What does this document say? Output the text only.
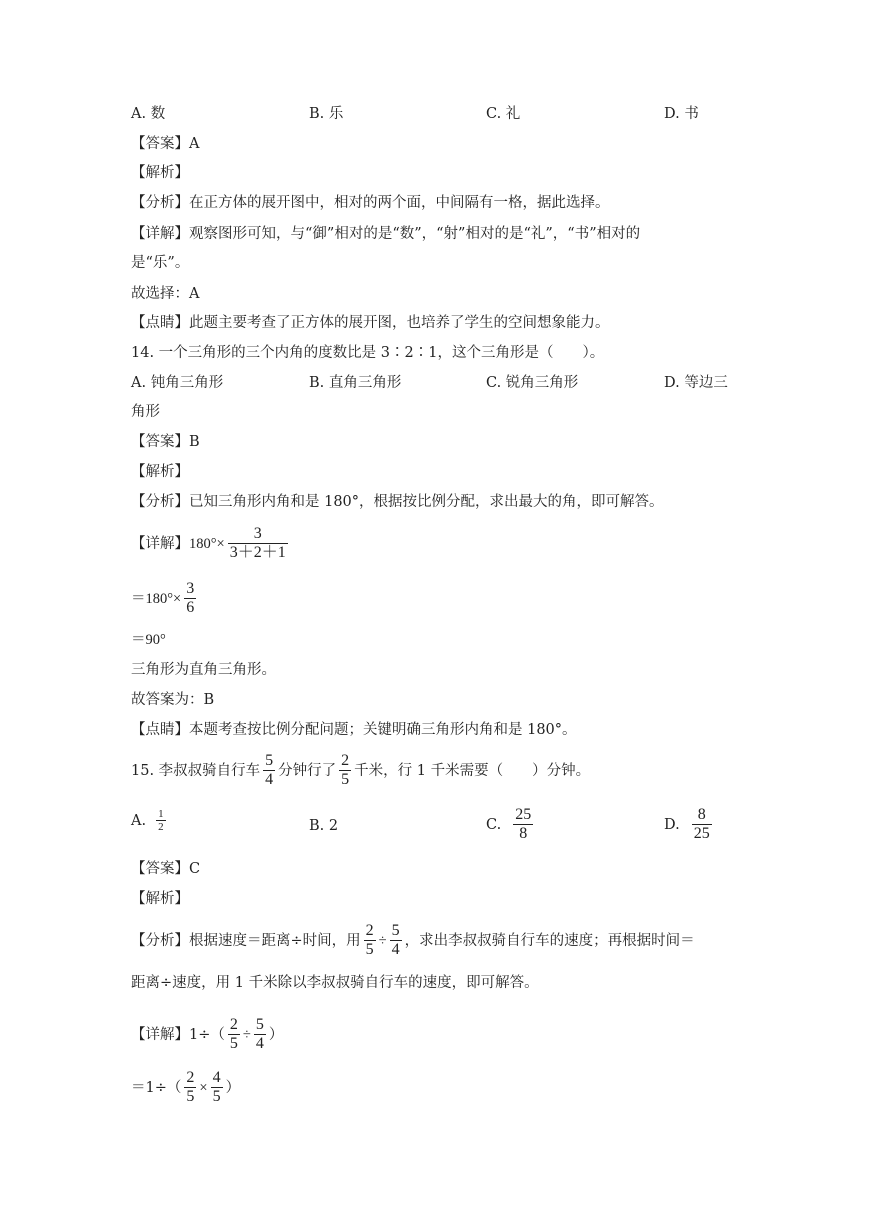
A. 数	B. 乐	C. 礼	D. 书
【答案】A
【解析】
【分析】在正方体的展开图中，相对的两个面，中间隔有一格，据此选择。
【详解】观察图形可知，与“御”相对的是“数”，“射”相对的是“礼”，“书”相对的
是“乐”。
故选择：A
【点睛】此题主要考查了正方体的展开图，也培养了学生的空间想象能力。
14. 一个三角形的三个内角的度数比是 3∶2∶1，这个三角形是（　　）。
A. 钝角三角形	B. 直角三角形	C. 锐角三角形	D. 等边三
角形
【答案】B
【解析】
【分析】已知三角形内角和是 180°，根据按比例分配，求出最大的角，即可解答。
【详解】 $180^\circ\times \frac{3}{3+2+1}$
$=180^\circ\times \frac{3}{6}$
＝90°
三角形为直角三角形。
故答案为：B
【点睛】本题考查按比例分配问题；关键明确三角形内角和是 180°。
15. 李叔叔骑自行车 $\frac{5}{4}$ 分钟行了 $\frac{2}{5}$ 千米，行 1 千米需要（　　）分钟。
A. $\frac{1}{2}$	B. 2	C. $\frac{25}{8}$	D. $\frac{8}{25}$
【答案】C
【解析】
【分析】根据速度＝距离÷时间，用 $\frac{2}{5} \div \frac{5}{4}$ ，求出李叔叔骑自行车的速度；再根据时间＝
距离÷速度，用 1 千米除以李叔叔骑自行车的速度，即可解答。
【详解】$1\div( \frac{2}{5} \div \frac{5}{4}$ ）
$=1\div( \frac{2}{5} \times \frac{4}{5}$ ）
